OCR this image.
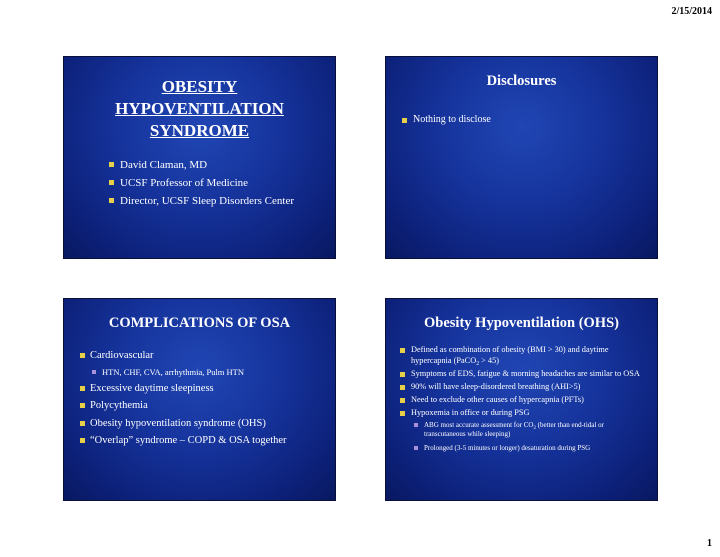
2/15/2014
OBESITY
HYPOVENTILATION
SYNDROME
David Claman, MD
UCSF Professor of Medicine
Director, UCSF Sleep Disorders Center
Disclosures
Nothing to disclose
COMPLICATIONS OF OSA
Cardiovascular
HTN, CHF, CVA, arrhythmia, Pulm HTN
Excessive daytime sleepiness
Polycythemia
Obesity hypoventilation syndrome (OHS)
“Overlap” syndrome – COPD & OSA together
Obesity Hypoventilation (OHS)
Defined as combination of obesity (BMI > 30) and daytime hypercapnia (PaCO$_2$ > 45)
Symptoms of EDS, fatigue & morning headaches are similar to OSA
90% will have sleep-disordered breathing (AHI>5)
Need to exclude other causes of hypercapnia (PFTs)
Hypoxemia in office or during PSG
ABG most accurate assessment for $CO_2$ (better than end-tidal or transcutaneous while sleeping)
Prolonged (3-5 minutes or longer) desaturation during PSG
1
